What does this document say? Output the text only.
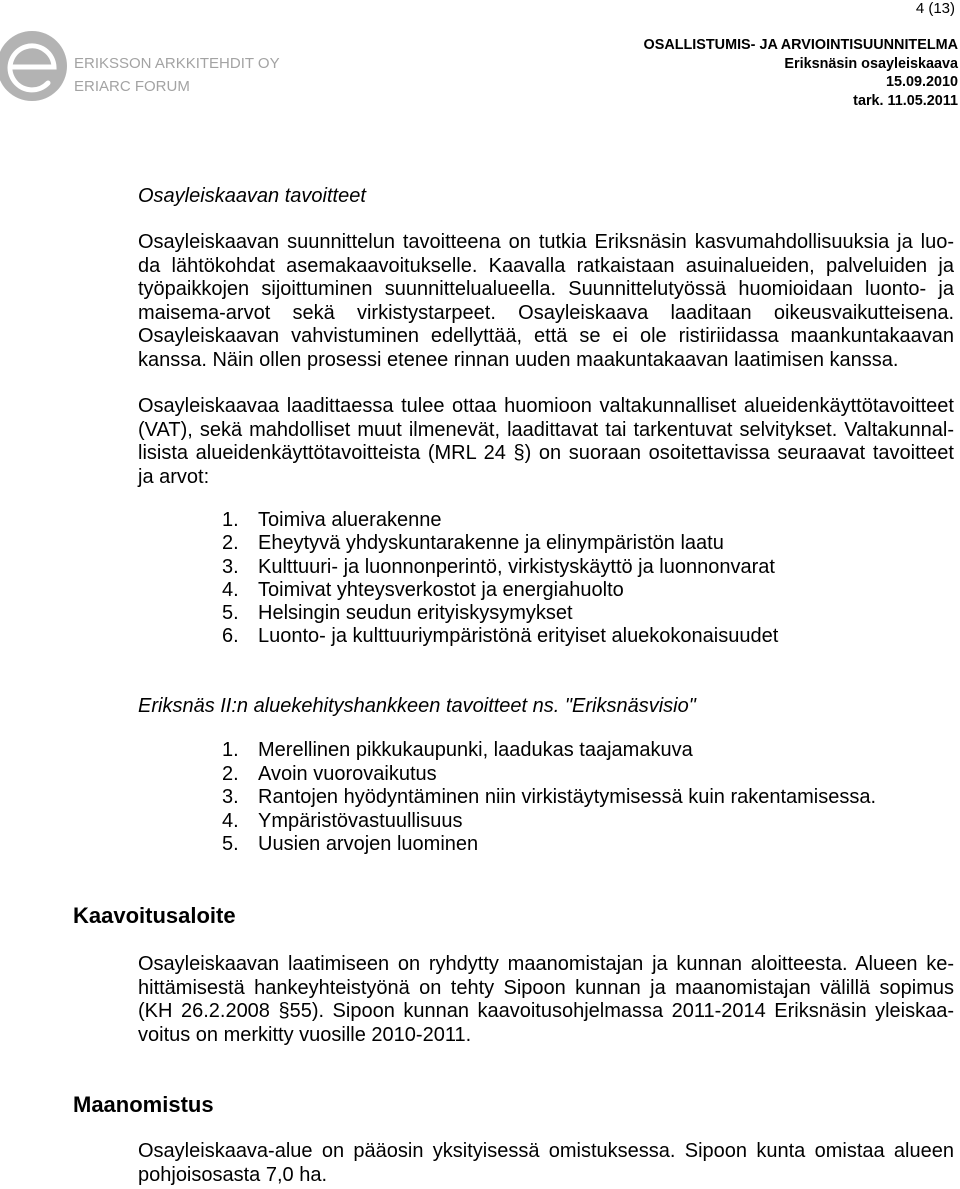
4 (13)
ERIKSSON ARKKITEHDIT OY
ERIARC FORUM
OSALLISTUMIS- JA ARVIOINTISUUNNITELMA
Eriksnäsin osayleiskaava
15.09.2010
tark. 11.05.2011
Osayleiskaavan tavoitteet
Osayleiskaavan suunnittelun tavoitteena on tutkia Eriksnäsin kasvumahdollisuuksia ja luo-
da lähtökohdat asemakaavoitukselle. Kaavalla ratkaistaan asuinalueiden, palveluiden ja
työpaikkojen sijoittuminen suunnittelualueella. Suunnittelutyössä huomioidaan luonto- ja
maisema-arvot sekä virkistystarpeet. Osayleiskaava laaditaan oikeusvaikutteisena.
Osayleiskaavan vahvistuminen edellyttää, että se ei ole ristiriidassa maankuntakaavan
kanssa. Näin ollen prosessi etenee rinnan uuden maakuntakaavan laatimisen kanssa.
Osayleiskaavaa laadittaessa tulee ottaa huomioon valtakunnalliset alueidenkäyttötavoitteet
(VAT), sekä mahdolliset muut ilmenevät, laadittavat tai tarkentuvat selvitykset. Valtakunnal-
lisista alueidenkäyttötavoitteista (MRL 24 §) on suoraan osoitettavissa seuraavat tavoitteet
ja arvot:
1. Toimiva aluerakenne
2. Eheytyvä yhdyskuntarakenne ja elinympäristön laatu
3. Kulttuuri- ja luonnonperintö, virkistyskäyttö ja luonnonvarat
4. Toimivat yhteysverkostot ja energiahuolto
5. Helsingin seudun erityiskysymykset
6. Luonto- ja kulttuuriympäristönä erityiset aluekokonaisuudet
Eriksnäs II:n aluekehityshankkeen tavoitteet ns. "Eriksnäsvisio"
1. Merellinen pikkukaupunki, laadukas taajamakuva
2. Avoin vuorovaikutus
3. Rantojen hyödyntäminen niin virkistäytymisessä kuin rakentamisessa.
4. Ympäristövastuullisuus
5. Uusien arvojen luominen
Kaavoitusaloite
Osayleiskaavan laatimiseen on ryhdytty maanomistajan ja kunnan aloitteesta. Alueen ke-
hittämisestä hankeyhteistyönä on tehty Sipoon kunnan ja maanomistajan välillä sopimus
(KH 26.2.2008 §55). Sipoon kunnan kaavoitusohjelmassa 2011-2014 Eriksnäsin yleiskaa-
voitus on merkitty vuosille 2010-2011.
Maanomistus
Osayleiskaava-alue on pääosin yksityisessä omistuksessa. Sipoon kunta omistaa alueen
pohjoisosasta 7,0 ha.
